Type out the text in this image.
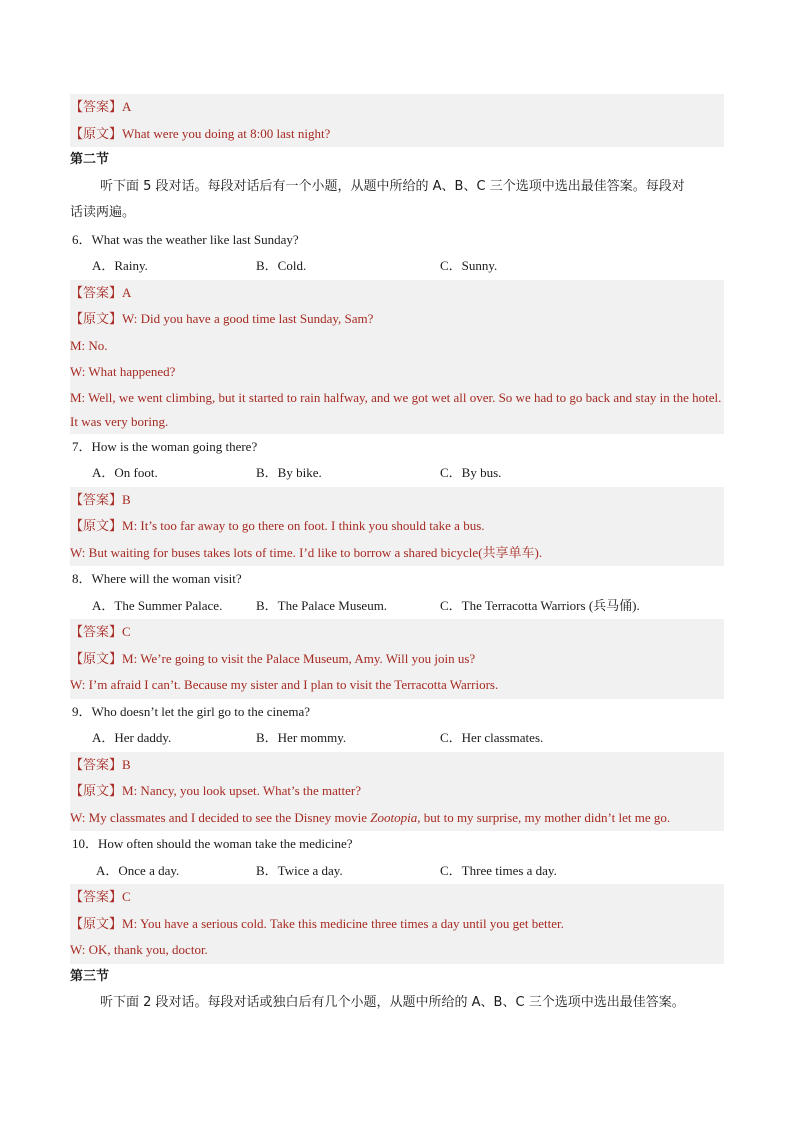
【答案】A
【原文】What were you doing at 8:00 last night?
第二节
听下面 5 段对话。每段对话后有一个小题，从题中所给的 A、B、C 三个选项中选出最佳答案。每段对
话读两遍。
6．What was the weather like last Sunday?
A．Rainy.	B．Cold.	C．Sunny.
【答案】A
【原文】W: Did you have a good time last Sunday, Sam?
M: No.
W: What happened?
M: Well, we went climbing, but it started to rain halfway, and we got wet all over. So we had to go back and stay in the hotel. It was very boring.
7．How is the woman going there?
A．On foot.	B．By bike.	C．By bus.
【答案】B
【原文】M: It’s too far away to go there on foot. I think you should take a bus.
W: But waiting for buses takes lots of time. I’d like to borrow a shared bicycle(共享单车).
8．Where will the woman visit?
A．The Summer Palace.	B．The Palace Museum.	C．The Terracotta Warriors (兵马俑).
【答案】C
【原文】M: We’re going to visit the Palace Museum, Amy. Will you join us?
W: I’m afraid I can’t. Because my sister and I plan to visit the Terracotta Warriors.
9．Who doesn’t let the girl go to the cinema?
A．Her daddy.	B．Her mommy.	C．Her classmates.
【答案】B
【原文】M: Nancy, you look upset. What’s the matter?
W: My classmates and I decided to see the Disney movie Zootopia, but to my surprise, my mother didn’t let me go.
10．How often should the woman take the medicine?
A．Once a day.	B．Twice a day.	C．Three times a day.
【答案】C
【原文】M: You have a serious cold. Take this medicine three times a day until you get better.
W: OK, thank you, doctor.
第三节
听下面 2 段对话。每段对话或独白后有几个小题，从题中所给的 A、B、C 三个选项中选出最佳答案。
